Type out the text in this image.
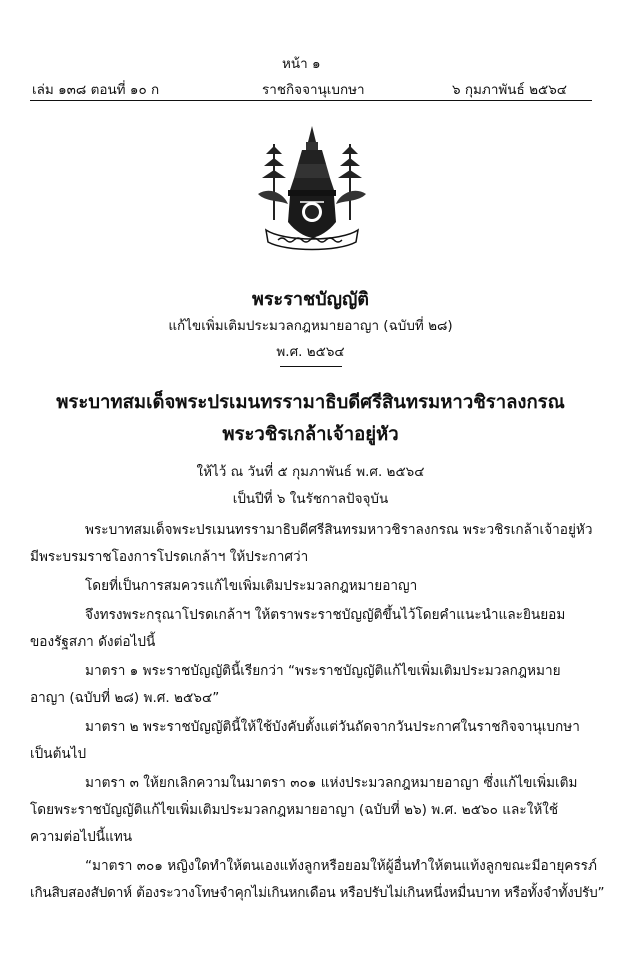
หน้า ๑
เล่ม ๑๓๘ ตอนที่ ๑๐ ก	ราชกิจจานุเบกษา	๖ กุมภาพันธ์ ๒๕๖๔
พระราชบัญญัติ
แก้ไขเพิ่มเติมประมวลกฎหมายอาญา (ฉบับที่ ๒๘)
พ.ศ. ๒๕๖๔
พระบาทสมเด็จพระปรเมนทรรามาธิบดีศรีสินทรมหาวชิราลงกรณ
พระวชิรเกล้าเจ้าอยู่หัว
ให้ไว้ ณ วันที่ ๕ กุมภาพันธ์ พ.ศ. ๒๕๖๔
เป็นปีที่ ๖ ในรัชกาลปัจจุบัน
พระบาทสมเด็จพระปรเมนทรรามาธิบดีศรีสินทรมหาวชิราลงกรณ พระวชิรเกล้าเจ้าอยู่หัว
มีพระบรมราชโองการโปรดเกล้าฯ ให้ประกาศว่า
โดยที่เป็นการสมควรแก้ไขเพิ่มเติมประมวลกฎหมายอาญา
จึงทรงพระกรุณาโปรดเกล้าฯ ให้ตราพระราชบัญญัติขึ้นไว้โดยคำแนะนำและยินยอม
ของรัฐสภา ดังต่อไปนี้
มาตรา ๑ พระราชบัญญัตินี้เรียกว่า “พระราชบัญญัติแก้ไขเพิ่มเติมประมวลกฎหมาย
อาญา (ฉบับที่ ๒๘) พ.ศ. ๒๕๖๔”
มาตรา ๒ พระราชบัญญัตินี้ให้ใช้บังคับตั้งแต่วันถัดจากวันประกาศในราชกิจจานุเบกษา
เป็นต้นไป
มาตรา ๓ ให้ยกเลิกความในมาตรา ๓๐๑ แห่งประมวลกฎหมายอาญา ซึ่งแก้ไขเพิ่มเติม
โดยพระราชบัญญัติแก้ไขเพิ่มเติมประมวลกฎหมายอาญา (ฉบับที่ ๒๖) พ.ศ. ๒๕๖๐ และให้ใช้
ความต่อไปนี้แทน
“มาตรา ๓๐๑ หญิงใดทำให้ตนเองแท้งลูกหรือยอมให้ผู้อื่นทำให้ตนแท้งลูกขณะมีอายุครรภ์
เกินสิบสองสัปดาห์ ต้องระวางโทษจำคุกไม่เกินหกเดือน หรือปรับไม่เกินหนึ่งหมื่นบาท หรือทั้งจำทั้งปรับ”
